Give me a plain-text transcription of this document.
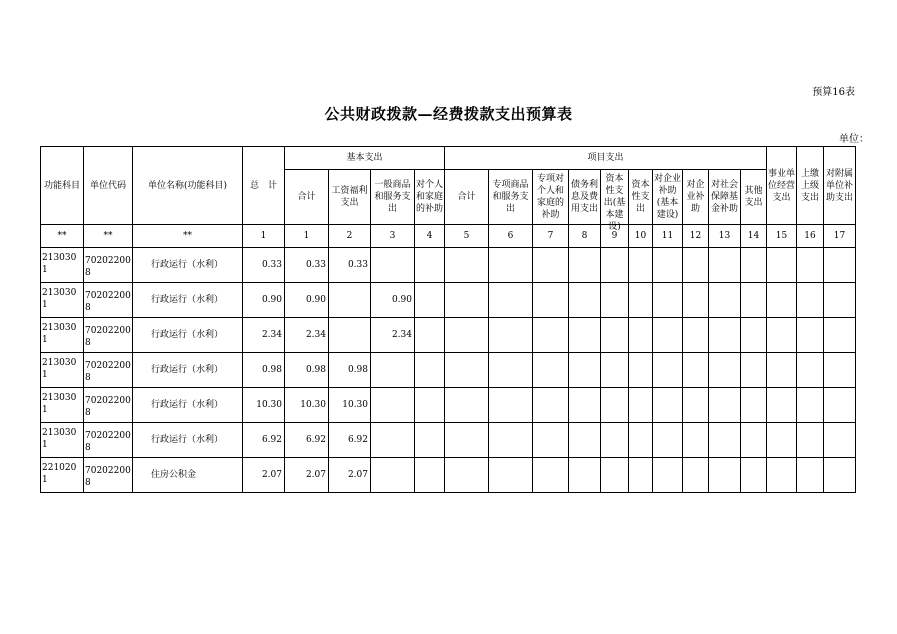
预算16表
公共财政拨款—经费拨款支出预算表
单位：
功能科目	单位代码	单位名称(功能科目)	总　计	基本支出				项目支出										事业单位经营支出	上缴上级支出	对附属单位补助支出

				合计	工资福利支出	一般商品和服务支出	对个人和家庭的补助	合计	专项商品和服务支出	专项对个人和家庭的补助	债务利息及费用支出	资本性支出(基本建设)	资本性支出	对企业补助(基本建设)	对企业补助	对社会保障基金补助	其他支出			

**	**	**	1	1	2	3	4	5	6	7	8	9	10	11	12	13	14	15	16	17
2130301	702022008	行政运行（水利）	0.33	0.33	0.33															
2130301	702022008	行政运行（水利）	0.90	0.90		0.90														
2130301	702022008	行政运行（水利）	2.34	2.34		2.34														
2130301	702022008	行政运行（水利）	0.98	0.98	0.98															
2130301	702022008	行政运行（水利）	10.30	10.30	10.30															
2130301	702022008	行政运行（水利）	6.92	6.92	6.92															
2210201	702022008	住房公积金	2.07	2.07	2.07															
